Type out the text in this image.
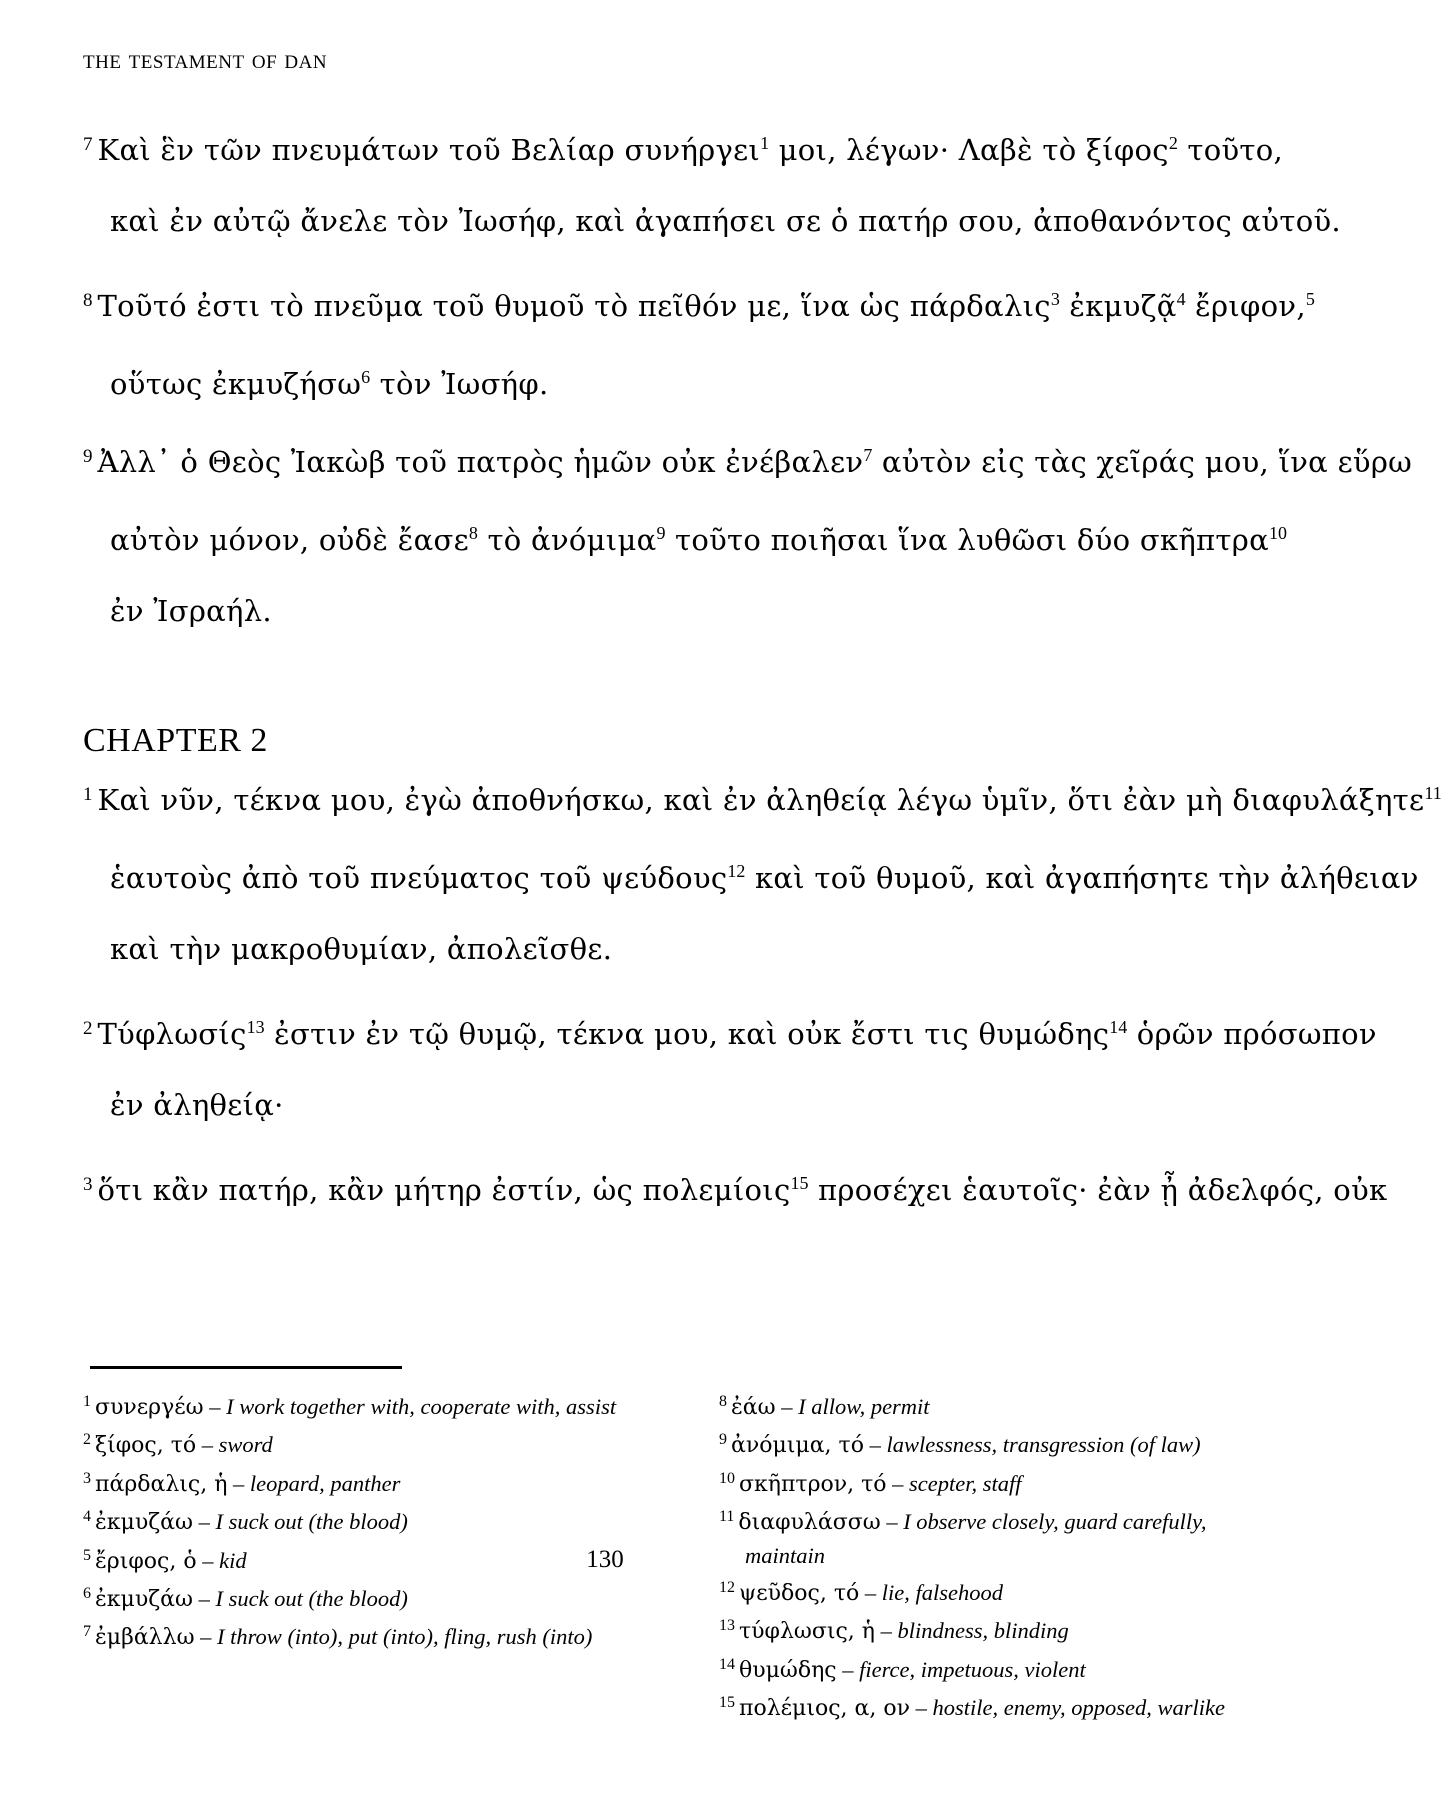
the testament of dan
$^7$ Καὶ ἓν τῶν πνευμάτων τοῦ Βελίαρ συνήργει$^1$ μοι, λέγων· Λαβὲ τὸ ξίφος$^2$ τοῦτο,
καὶ ἐν αὐτῷ ἄνελε τὸν Ἰωσήφ, καὶ ἀγαπήσει σε ὁ πατήρ σου, ἀποθανόντος αὐτοῦ.
$^8$ Τοῦτό ἐστι τὸ πνεῦμα τοῦ θυμοῦ τὸ πεῖθόν με, ἵνα ὡς πάρδαλις$^3$ ἐκμυζᾷ$^4$ ἔριφον,$^5$
οὕτως ἐκμυζήσω$^6$ τὸν Ἰωσήφ.
$^9$ Ἀλλ᾽ ὁ Θεὸς Ἰακὼβ τοῦ πατρὸς ἡμῶν οὐκ ἐνέβαλεν$^7$ αὐτὸν εἰς τὰς χεῖράς μου, ἵνα εὕρω
αὐτὸν μόνον, οὐδὲ ἔασε$^8$ τὸ ἀνόμιμα$^9$ τοῦτο ποιῆσαι ἵνα λυθῶσι δύο σκῆπτρα$^{10}$
ἐν Ἰσραήλ.
$^1$ Καὶ νῦν, τέκνα μου, ἐγὼ ἀποθνήσκω, καὶ ἐν ἀληθείᾳ λέγω ὑμῖν, ὅτι ἐὰν μὴ διαφυλάξητε$^{11}$
ἑαυτοὺς ἀπὸ τοῦ πνεύματος τοῦ ψεύδους$^{12}$ καὶ τοῦ θυμοῦ, καὶ ἀγαπήσητε τὴν ἀλήθειαν
καὶ τὴν μακροθυμίαν, ἀπολεῖσθε.
$^2$ Τύφλωσίς$^{13}$ ἐστιν ἐν τῷ θυμῷ, τέκνα μου, καὶ οὐκ ἔστι τις θυμώδης$^{14}$ ὁρῶν πρόσωπον
ἐν ἀληθείᾳ·
$^3$ ὅτι κἂν πατήρ, κἂν μήτηρ ἐστίν, ὡς πολεμίοις$^{15}$ προσέχει ἑαυτοῖς· ἐὰν ᾖ ἀδελφός, οὐκ
CHAPTER 2
$^1$ συνεργέω – I work together with, cooperate with, assist
$^2$ ξίφος, τό – sword
$^3$ πάρδαλις, ἡ – leopard, panther
$^4$ ἐκμυζάω – I suck out (the blood)
$^5$ ἔριφος, ὁ – kid
$^6$ ἐκμυζάω – I suck out (the blood)
$^7$ ἐμβάλλω – I throw (into), put (into), fling, rush (into)
$^8$ ἐάω – I allow, permit
$^9$ ἀνόμιμα, τό – lawlessness, transgression (of law)
$^{10}$ σκῆπτρον, τό – scepter, staff
$^{11}$ διαφυλάσσω – I observe closely, guard carefully, maintain
$^{12}$ ψεῦδος, τό – lie, falsehood
$^{13}$ τύφλωσις, ἡ – blindness, blinding
$^{14}$ θυμώδης – fierce, impetuous, violent
$^{15}$ πολέμιος, α, ον – hostile, enemy, opposed, warlike
130
